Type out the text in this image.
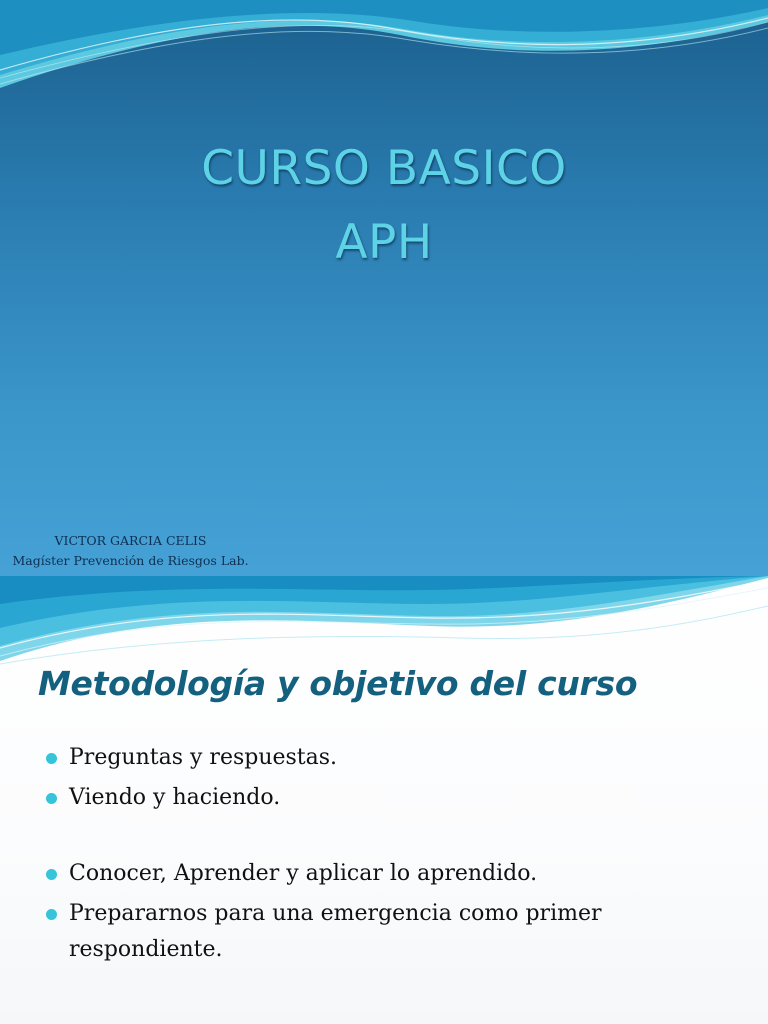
CURSO BASICO
APH
VICTOR GARCIA CELIS
Magíster Prevención de Riesgos Lab.
Metodología y objetivo del curso
Preguntas y respuestas.
Viendo y haciendo.
Conocer, Aprender y aplicar lo aprendido.
Prepararnos para una emergencia como primer
respondiente.
